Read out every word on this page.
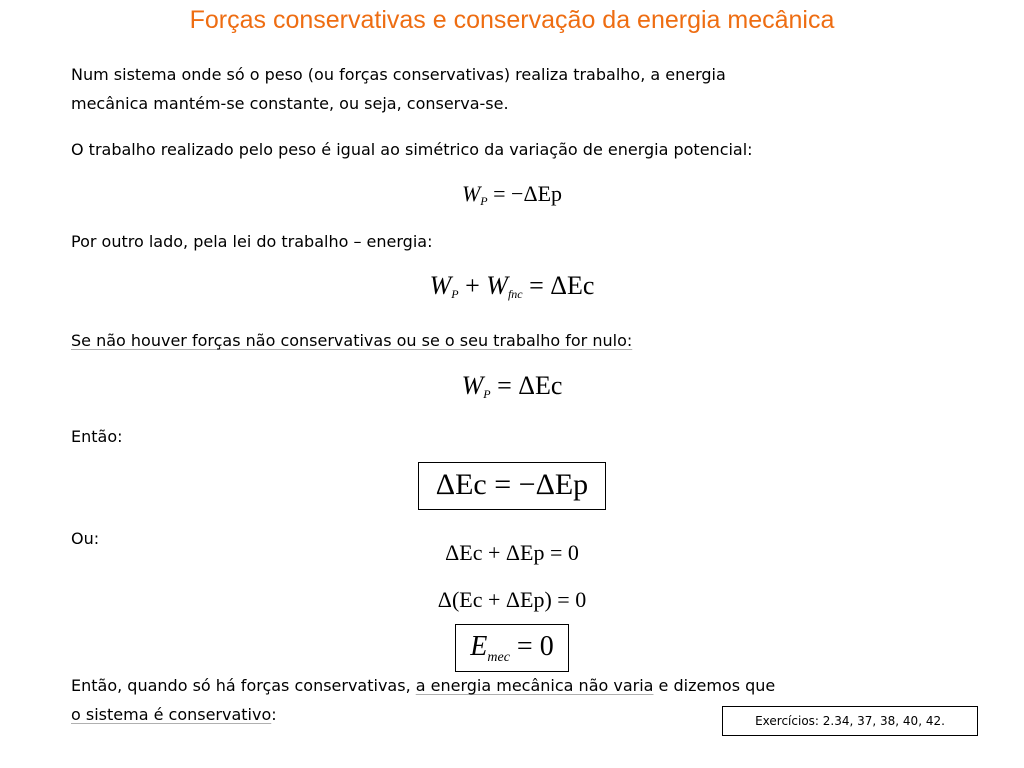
Forças conservativas e conservação da energia mecânica
Num sistema onde só o peso (ou forças conservativas) realiza trabalho, a energia
mecânica mantém-se constante, ou seja, conserva-se.
O trabalho realizado pelo peso é igual ao simétrico da variação de energia potencial:
$W_P = -\Delta Ep$
Por outro lado, pela lei do trabalho – energia:
$W_P + W_{fnc} = \Delta Ec$
Se não houver forças não conservativas ou se o seu trabalho for nulo:
$W_P = \Delta Ec$
Então:
ΔEc = −ΔEp
Ou:
ΔEc + ΔEp = 0
Δ(Ec + ΔEp) = 0
$E_{mec} = 0$
Então, quando só há forças conservativas, a energia mecânica não varia e dizemos que
o sistema é conservativo:	Exercícios: 2.34, 37, 38, 40, 42.
